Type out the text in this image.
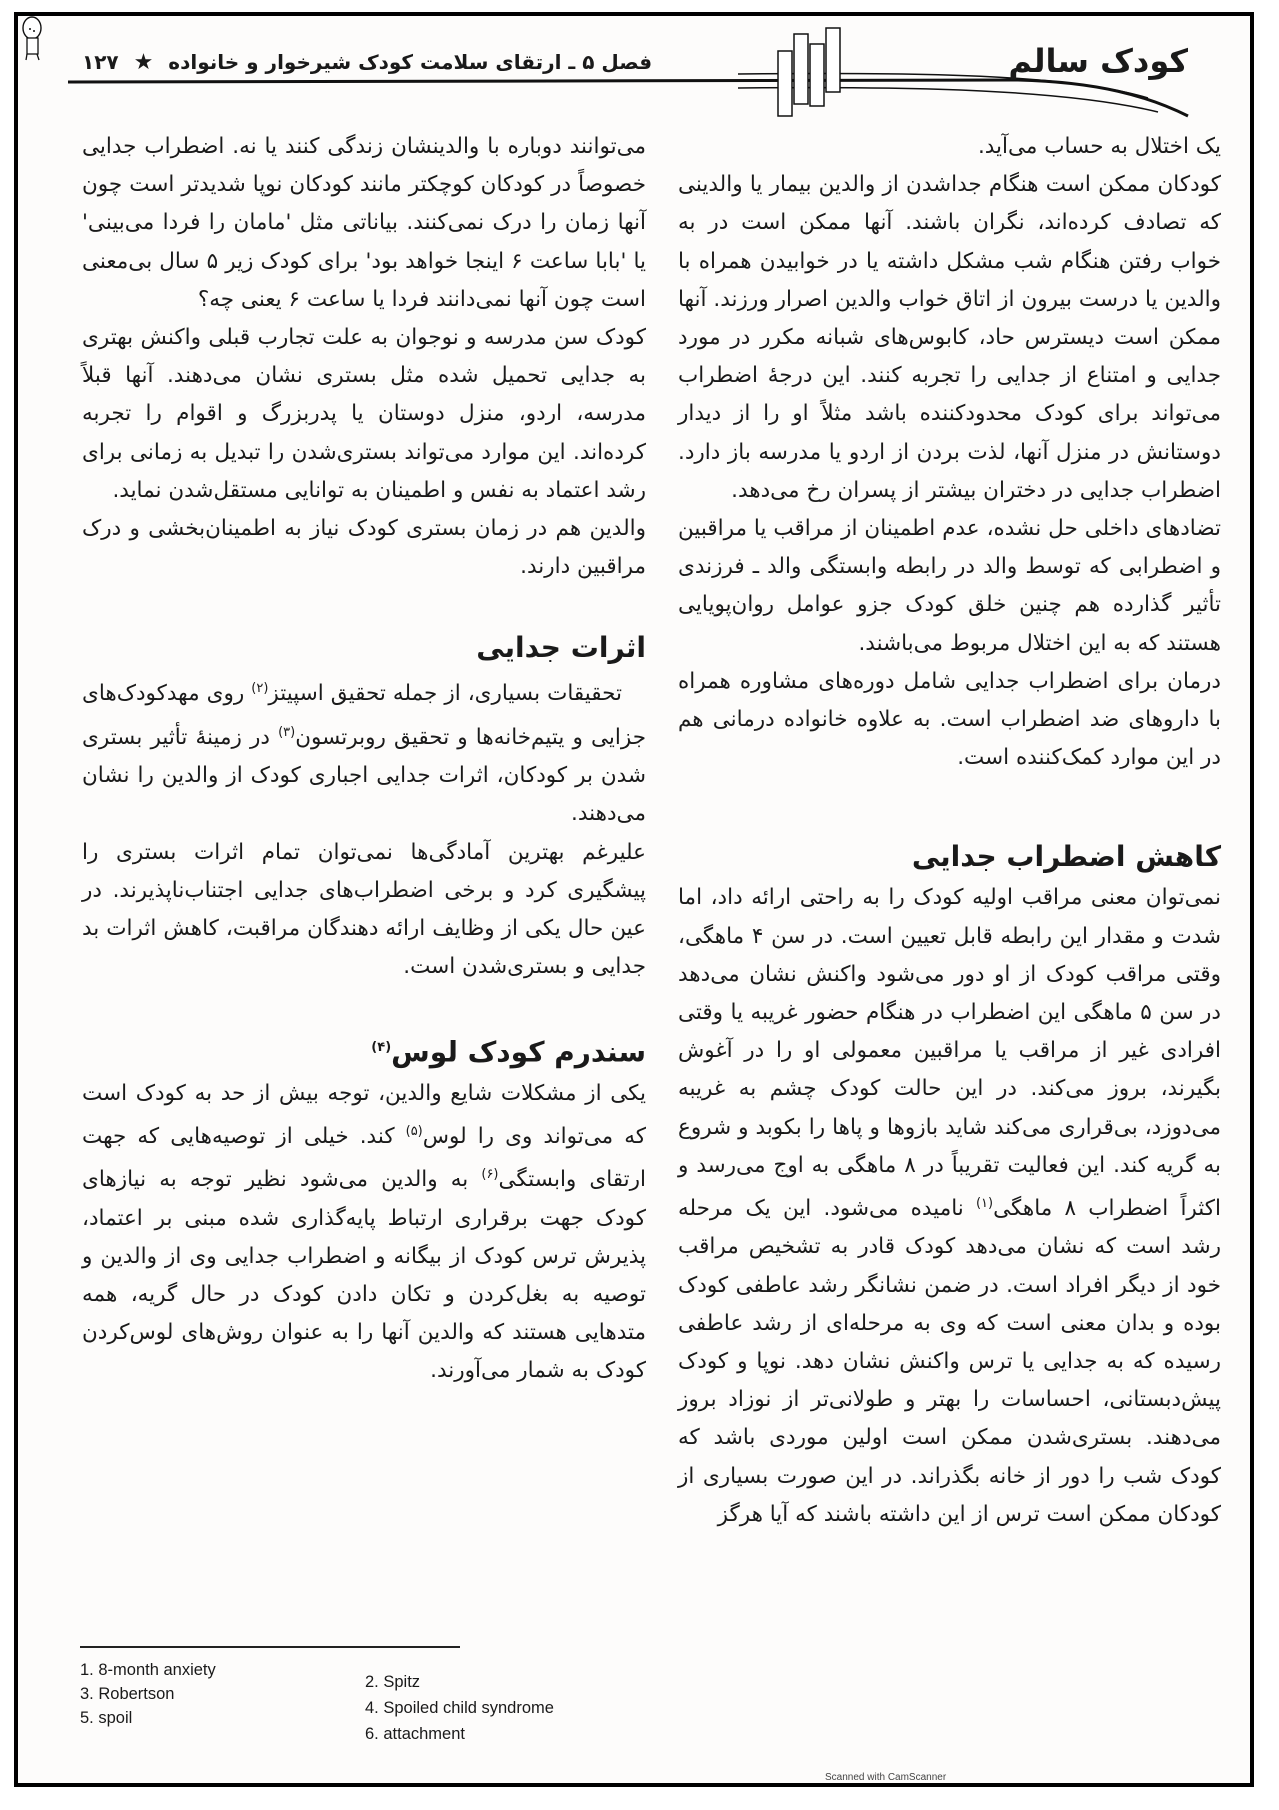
فصل ۵ ـ ارتقای سلامت کودک شیرخوار و خانواده ★ ۱۲۷	کودک سالم

یک اختلال به حساب می‌آید.

کودکان ممکن است هنگام جداشدن از والدین بیمار یا والدینی که تصادف کرده‌اند، نگران باشند. آنها ممکن است در به خواب رفتن هنگام شب مشکل داشته یا در خوابیدن همراه با والدین یا درست بیرون از اتاق خواب والدین اصرار ورزند. آنها ممکن است دیسترس حاد، کابوس‌های شبانه مکرر در مورد جدایی و امتناع از جدایی را تجربه کنند. این درجهٔ اضطراب می‌تواند برای کودک محدودکننده باشد مثلاً او را از دیدار دوستانش در منزل آنها، لذت بردن از اردو یا مدرسه باز دارد. اضطراب جدایی در دختران بیشتر از پسران رخ می‌دهد.

تضادهای داخلی حل نشده، عدم اطمینان از مراقب یا مراقبین و اضطرابی که توسط والد در رابطه وابستگی والد ـ فرزندی تأثیر گذارده هم چنین خلق کودک جزو عوامل روان‌پویایی هستند که به این اختلال مربوط می‌باشند.

درمان برای اضطراب جدایی شامل دوره‌های مشاوره همراه با داروهای ضد اضطراب است. به علاوه خانواده درمانی هم در این موارد کمک‌کننده است.

کاهش اضطراب جدایی

نمی‌توان معنی مراقب اولیه کودک را به راحتی ارائه داد، اما شدت و مقدار این رابطه قابل تعیین است. در سن ۴ ماهگی، وقتی مراقب کودک از او دور می‌شود واکنش نشان می‌دهد در سن ۵ ماهگی این اضطراب در هنگام حضور غریبه یا وقتی افرادی غیر از مراقب یا مراقبین معمولی او را در آغوش بگیرند، بروز می‌کند. در این حالت کودک چشم به غریبه می‌دوزد، بی‌قراری می‌کند شاید بازوها و پاها را بکوبد و شروع به گریه کند. این فعالیت تقریباً در ۸ ماهگی به اوج می‌رسد و اکثراً اضطراب ۸ ماهگی$^{(۱)}$ نامیده می‌شود. این یک مرحله رشد است که نشان می‌دهد کودک قادر به تشخیص مراقب خود از دیگر افراد است. در ضمن نشانگر رشد عاطفی کودک بوده و بدان معنی است که وی به مرحله‌ای از رشد عاطفی رسیده که به جدایی یا ترس واکنش نشان دهد. نوپا و کودک پیش‌دبستانی، احساسات را بهتر و طولانی‌تر از نوزاد بروز می‌دهند. بستری‌شدن ممکن است اولین موردی باشد که کودک شب را دور از خانه بگذراند. در این صورت بسیاری از کودکان ممکن است ترس از این داشته باشند که آیا هرگز

می‌توانند دوباره با والدینشان زندگی کنند یا نه. اضطراب جدایی خصوصاً در کودکان کوچکتر مانند کودکان نوپا شدیدتر است چون آنها زمان را درک نمی‌کنند. بیاناتی مثل 'مامان را فردا می‌بینی' یا 'بابا ساعت ۶ اینجا خواهد بود' برای کودک زیر ۵ سال بی‌معنی است چون آنها نمی‌دانند فردا یا ساعت ۶ یعنی چه؟

کودک سن مدرسه و نوجوان به علت تجارب قبلی واکنش بهتری به جدایی تحمیل شده مثل بستری نشان می‌دهند. آنها قبلاً مدرسه، اردو، منزل دوستان یا پدربزرگ و اقوام را تجربه کرده‌اند. این موارد می‌تواند بستری‌شدن را تبدیل به زمانی برای رشد اعتماد به نفس و اطمینان به توانایی مستقل‌شدن نماید.

والدین هم در زمان بستری کودک نیاز به اطمینان‌بخشی و درک مراقبین دارند.

اثرات جدایی

تحقیقات بسیاری، از جمله تحقیق اسپیتز$^{(۲)}$ روی مهدکودک‌های جزایی و یتیم‌خانه‌ها و تحقیق روبرتسون$^{(۳)}$ در زمینهٔ تأثیر بستری شدن بر کودکان، اثرات جدایی اجباری کودک از والدین را نشان می‌دهند.

علیرغم بهترین آمادگی‌ها نمی‌توان تمام اثرات بستری را پیشگیری کرد و برخی اضطراب‌های جدایی اجتناب‌ناپذیرند. در عین حال یکی از وظایف ارائه دهندگان مراقبت، کاهش اثرات بد جدایی و بستری‌شدن است.

سندرم کودک لوس$^{(۴)}$

یکی از مشکلات شایع والدین، توجه بیش از حد به کودک است که می‌تواند وی را لوس$^{(۵)}$ کند. خیلی از توصیه‌هایی که جهت ارتقای وابستگی$^{(۶)}$ به والدین می‌شود نظیر توجه به نیازهای کودک جهت برقراری ارتباط پایه‌گذاری شده مبنی بر اعتماد، پذیرش ترس کودک از بیگانه و اضطراب جدایی وی از والدین و توصیه به بغل‌کردن و تکان دادن کودک در حال گریه، همه متدهایی هستند که والدین آنها را به عنوان روش‌های لوس‌کردن کودک به شمار می‌آورند.

1. 8-month anxiety
2. Spitz
3. Robertson
4. Spoiled child syndrome
5. spoil
6. attachment
Scanned with CamScanner
